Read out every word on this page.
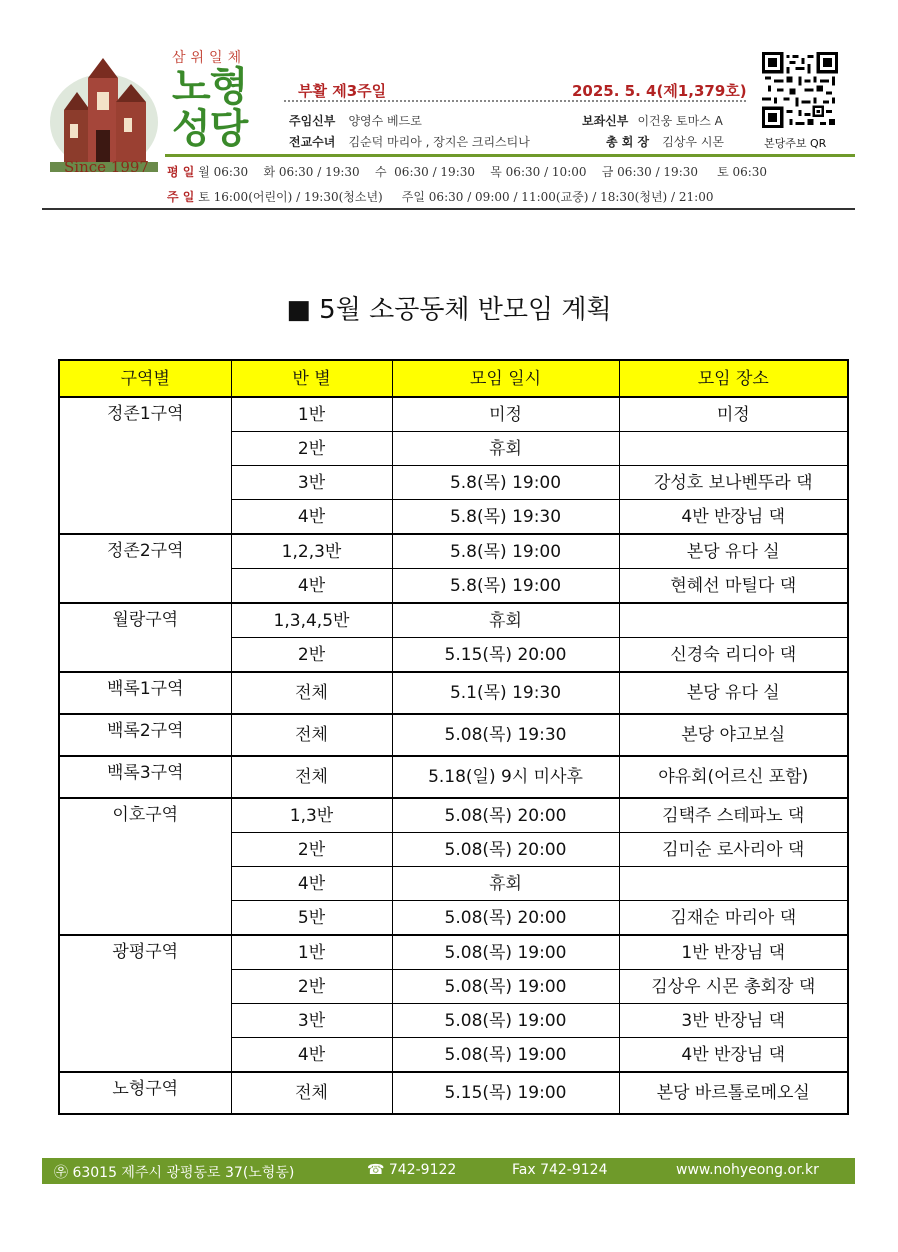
Since 1997
삼위일체
노형
성당
부활 제3주일	2025. 5. 4(제1,379호)
주임신부 양영수 베드로
전교수녀 김순덕 마리아 , 장지은 크리스티나
보좌신부 이건웅 토마스 A
총 회 장 김상우 시몬	본당주보 QR
평 일 월 06:30    화 06:30 / 19:30    수  06:30 / 19:30    목 06:30 / 10:00    금 06:30 / 19:30     토 06:30
주 일 토 16:00(어린이) / 19:30(청소년)     주일 06:30 / 09:00 / 11:00(교중) / 18:30(청년) / 21:00
■ 5월 소공동체 반모임 계획
구역별	반 별	모임 일시	모임 장소
정존1구역	1반	미정	미정
	2반	휴회	
	3반	5.8(목) 19:00	강성호 보나벤뚜라 댁
	4반	5.8(목) 19:30	4반 반장님 댁
정존2구역	1,2,3반	5.8(목) 19:00	본당 유다 실
	4반	5.8(목) 19:00	현혜선 마틸다 댁
월랑구역	1,3,4,5반	휴회	
	2반	5.15(목) 20:00	신경숙 리디아 댁
백록1구역	전체	5.1(목) 19:30	본당 유다 실
백록2구역	전체	5.08(목) 19:30	본당 야고보실
백록3구역	전체	5.18(일) 9시 미사후	야유회(어르신 포함)
이호구역	1,3반	5.08(목) 20:00	김택주 스테파노 댁
	2반	5.08(목) 20:00	김미순 로사리아 댁
	4반	휴회	
	5반	5.08(목) 20:00	김재순 마리아 댁
광평구역	1반	5.08(목) 19:00	1반 반장님 댁
	2반	5.08(목) 19:00	김상우 시몬 총회장 댁
	3반	5.08(목) 19:00	3반 반장님 댁
	4반	5.08(목) 19:00	4반 반장님 댁
노형구역	전체	5.15(목) 19:00	본당 바르톨로메오실
㉾ 63015 제주시 광평동로 37(노형동)	☎ 742-9122	Fax 742-9124	www.nohyeong.or.kr
